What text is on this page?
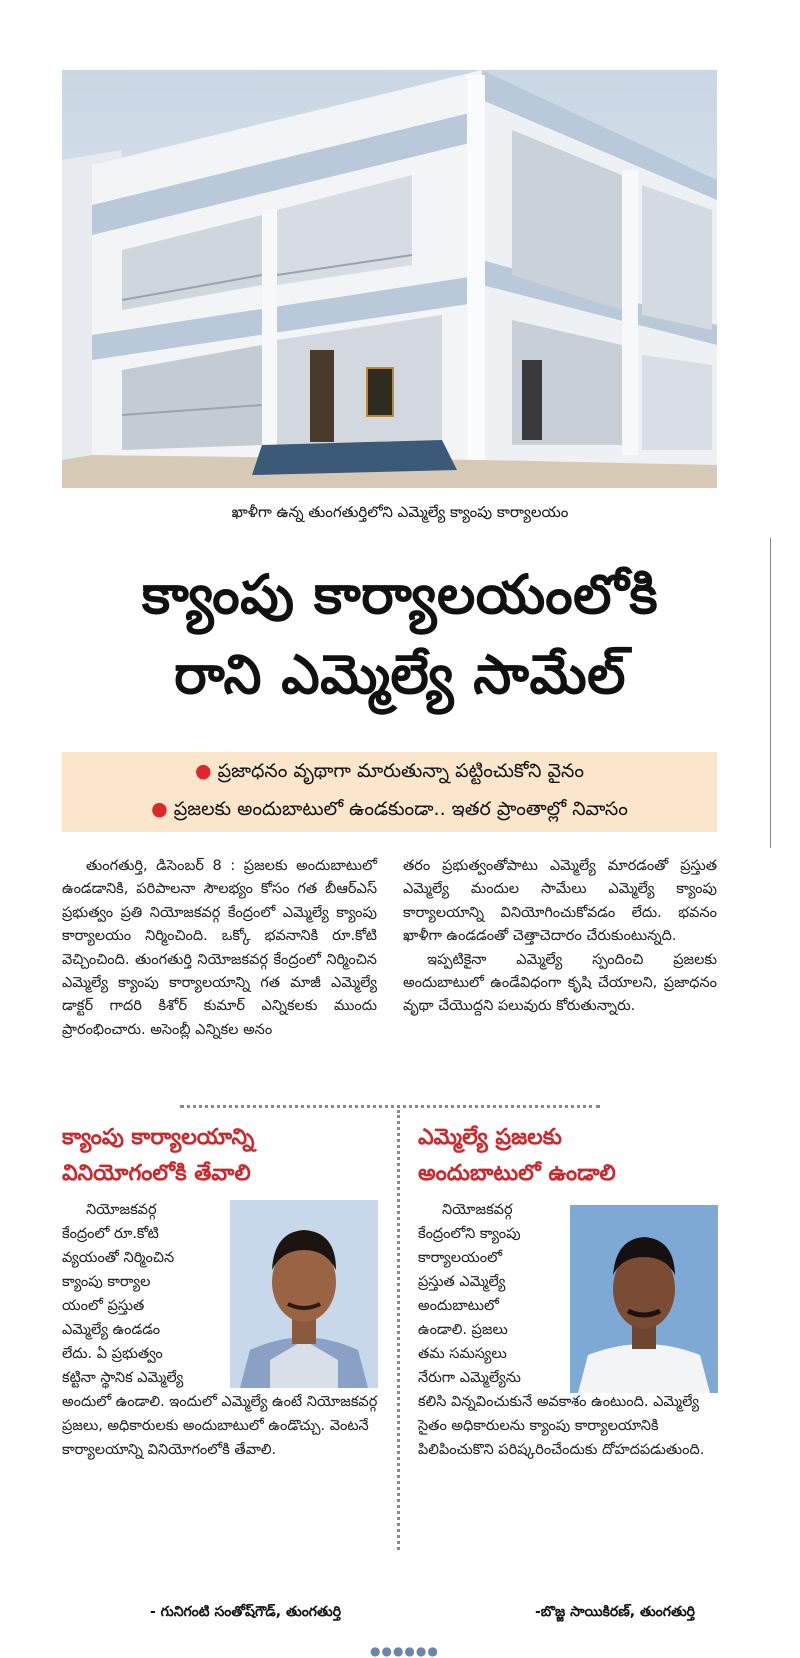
ఖాళీగా ఉన్న తుంగతుర్తిలోని ఎమ్మెల్యే క్యాంపు కార్యాలయం
క్యాంపు కార్యాలయంలోకి
రాని ఎమ్మెల్యే సామేల్
● ప్రజాధనం వృథాగా మారుతున్నా పట్టించుకోని వైనం
● ప్రజలకు అందుబాటులో ఉండకుండా.. ఇతర ప్రాంతాల్లో నివాసం

తుంగతుర్తి, డిసెంబర్ 8 : ప్రజలకు అందుబాటులో ఉండడానికి, పరిపాలనా సౌలభ్యం కోసం గత బీఆర్ఎస్ ప్రభుత్వం ప్రతి నియోజకవర్గ కేంద్రంలో ఎమ్మెల్యే క్యాంపు కార్యాలయం నిర్మించింది. ఒక్కో భవనానికి రూ.కోటి వెచ్చించింది. తుంగతుర్తి నియోజకవర్గ కేంద్రంలో నిర్మించిన ఎమ్మెల్యే క్యాంపు కార్యాలయాన్ని గత మాజీ ఎమ్మెల్యే డాక్టర్ గాదరి కిశోర్ కుమార్ ఎన్నికలకు ముందు ప్రారంభించారు. అసెంబ్లీ ఎన్నికల అనం

తరం ప్రభుత్వంతోపాటు ఎమ్మెల్యే మారడంతో ప్రస్తుత ఎమ్మెల్యే మందుల సామేలు ఎమ్మెల్యే క్యాంపు కార్యాలయాన్ని వినియోగించుకోవడం లేదు. భవనం ఖాళీగా ఉండడంతో చెత్తాచెదారం చేరుకుంటున్నది.

ఇప్పటికైనా ఎమ్మెల్యే స్పందించి ప్రజలకు అందుబాటులో ఉండేవిధంగా కృషి చేయాలని, ప్రజాధనం వృథా చేయొద్దని పలువురు కోరుతున్నారు.

క్యాంపు కార్యాలయాన్ని
వినియోగంలోకి తేవాలి
నియోజకవర్గ
కేంద్రంలో రూ.కోటి
వ్యయంతో నిర్మించిన
క్యాంపు కార్యాల
యంలో ప్రస్తుత
ఎమ్మెల్యే ఉండడం
లేదు. ఏ ప్రభుత్వం
కట్టినా స్థానిక ఎమ్మెల్యే
అందులో ఉండాలి. ఇందులో ఎమ్మెల్యే ఉంటే నియోజకవర్గ ప్రజలు, అధికారులకు అందుబాటులో ఉండొచ్చు. వెంటనే కార్యాలయాన్ని వినియోగంలోకి తేవాలి.
- గునిగంటి సంతోష్‌గౌడ్, తుంగతుర్తి
ఎమ్మెల్యే ప్రజలకు
అందుబాటులో ఉండాలి
నియోజకవర్గ
కేంద్రంలోని క్యాంపు
కార్యాలయంలో
ప్రస్తుత ఎమ్మెల్యే
అందుబాటులో
ఉండాలి. ప్రజలు
తమ సమస్యలు
నేరుగా ఎమ్మెల్యేను
కలిసి విన్నవించుకునే అవకాశం ఉంటుంది. ఎమ్మెల్యే సైతం అధికారులను క్యాంపు కార్యాలయానికి పిలిపించుకొని పరిష్కరించేందుకు దోహదపడుతుంది.
-బొజ్జ సాయికిరణ్, తుంగతుర్తి
●●●●●●
